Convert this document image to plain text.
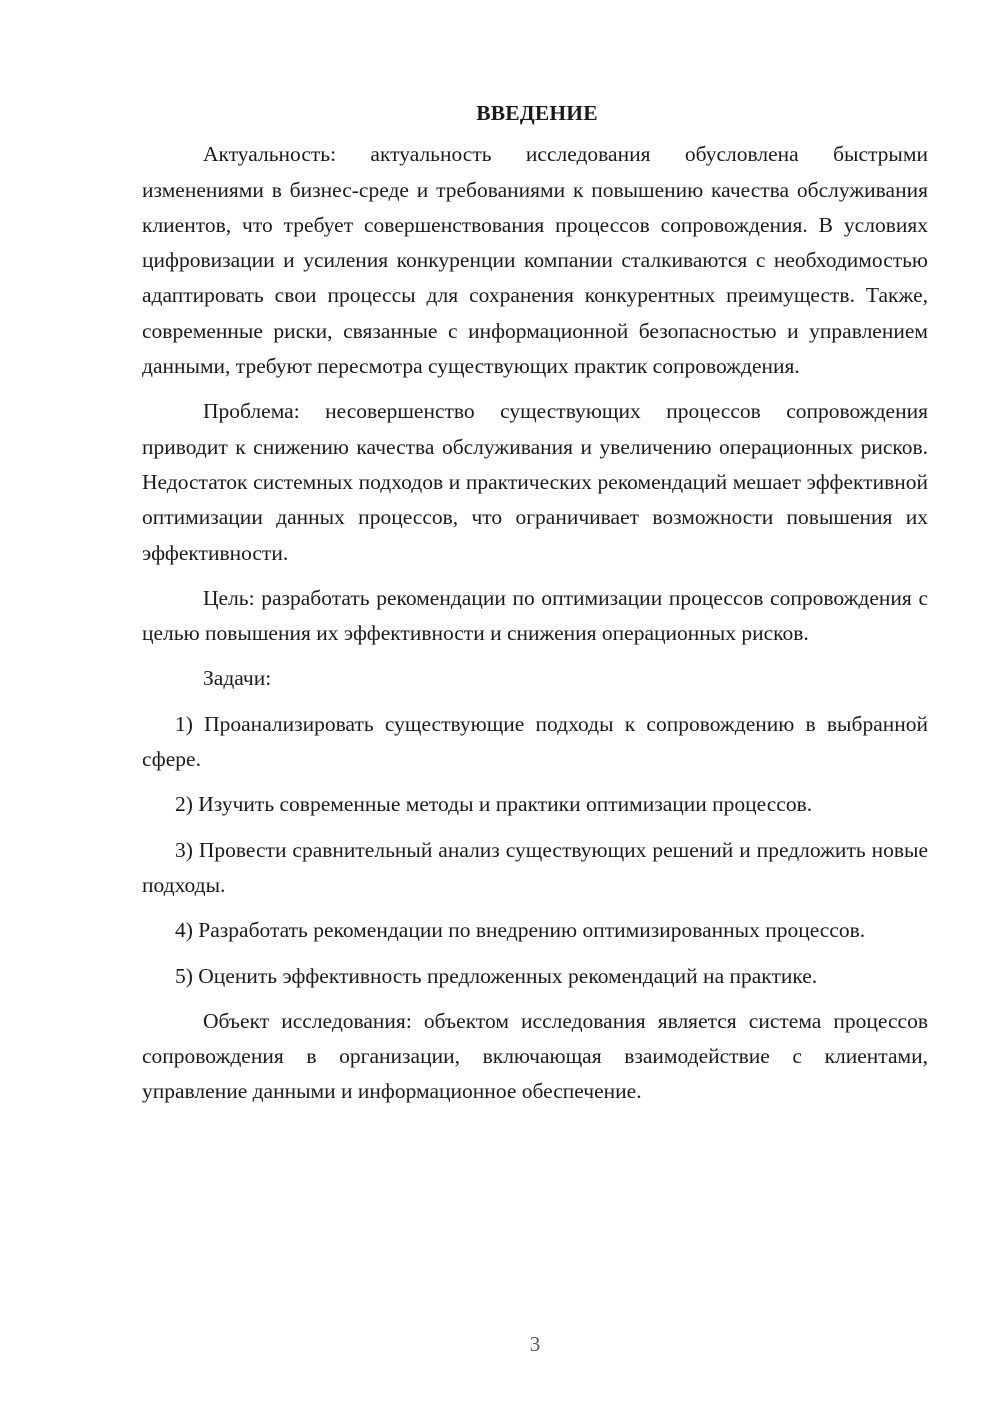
ВВЕДЕНИЕ

Актуальность: актуальность исследования обусловлена быстрыми изменениями в бизнес-среде и требованиями к повышению качества обслуживания клиентов, что требует совершенствования процессов сопровождения. В условиях цифровизации и усиления конкуренции компании сталкиваются с необходимостью адаптировать свои процессы для сохранения конкурентных преимуществ. Также, современные риски, связанные с информационной безопасностью и управлением данными, требуют пересмотра существующих практик сопровождения.

Проблема: несовершенство существующих процессов сопровождения приводит к снижению качества обслуживания и увеличению операционных рисков. Недостаток системных подходов и практических рекомендаций мешает эффективной оптимизации данных процессов, что ограничивает возможности повышения их эффективности.

Цель: разработать рекомендации по оптимизации процессов сопровождения с целью повышения их эффективности и снижения операционных рисков.

Задачи:

1) Проанализировать существующие подходы к сопровождению в выбранной сфере.

2) Изучить современные методы и практики оптимизации процессов.

3) Провести сравнительный анализ существующих решений и предложить новые подходы.

4) Разработать рекомендации по внедрению оптимизированных процессов.

5) Оценить эффективность предложенных рекомендаций на практике.

Объект исследования: объектом исследования является система процессов сопровождения в организации, включающая взаимодействие с клиентами, управление данными и информационное обеспечение.

3
